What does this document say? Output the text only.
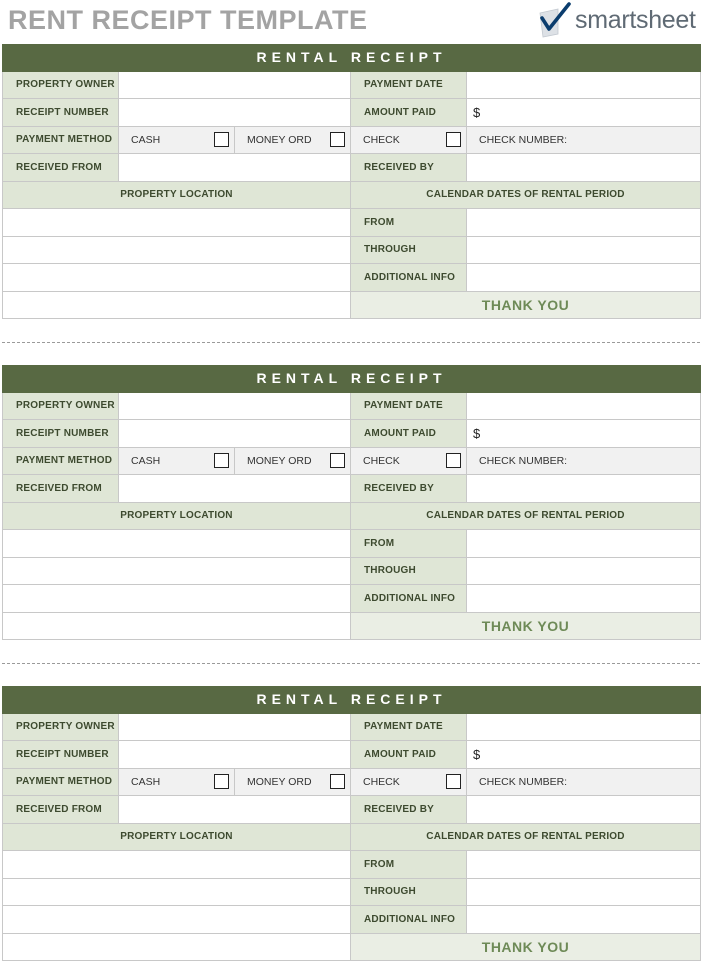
RENT RECEIPT TEMPLATE	smartsheet
RENTAL RECEIPT
PROPERTY OWNER	PAYMENT DATE
RECEIPT NUMBER	AMOUNT PAID	$
PAYMENT METHOD	CASH	MONEY ORD	CHECK	CHECK NUMBER:
RECEIVED FROM	RECEIVED BY
PROPERTY LOCATION	CALENDAR DATES OF RENTAL PERIOD
FROM
THROUGH
ADDITIONAL INFO
THANK YOU
RENTAL RECEIPT
PROPERTY OWNER	PAYMENT DATE
RECEIPT NUMBER	AMOUNT PAID	$
PAYMENT METHOD	CASH	MONEY ORD	CHECK	CHECK NUMBER:
RECEIVED FROM	RECEIVED BY
PROPERTY LOCATION	CALENDAR DATES OF RENTAL PERIOD
FROM
THROUGH
ADDITIONAL INFO
THANK YOU
RENTAL RECEIPT
PROPERTY OWNER	PAYMENT DATE
RECEIPT NUMBER	AMOUNT PAID	$
PAYMENT METHOD	CASH	MONEY ORD	CHECK	CHECK NUMBER:
RECEIVED FROM	RECEIVED BY
PROPERTY LOCATION	CALENDAR DATES OF RENTAL PERIOD
FROM
THROUGH
ADDITIONAL INFO
THANK YOU
